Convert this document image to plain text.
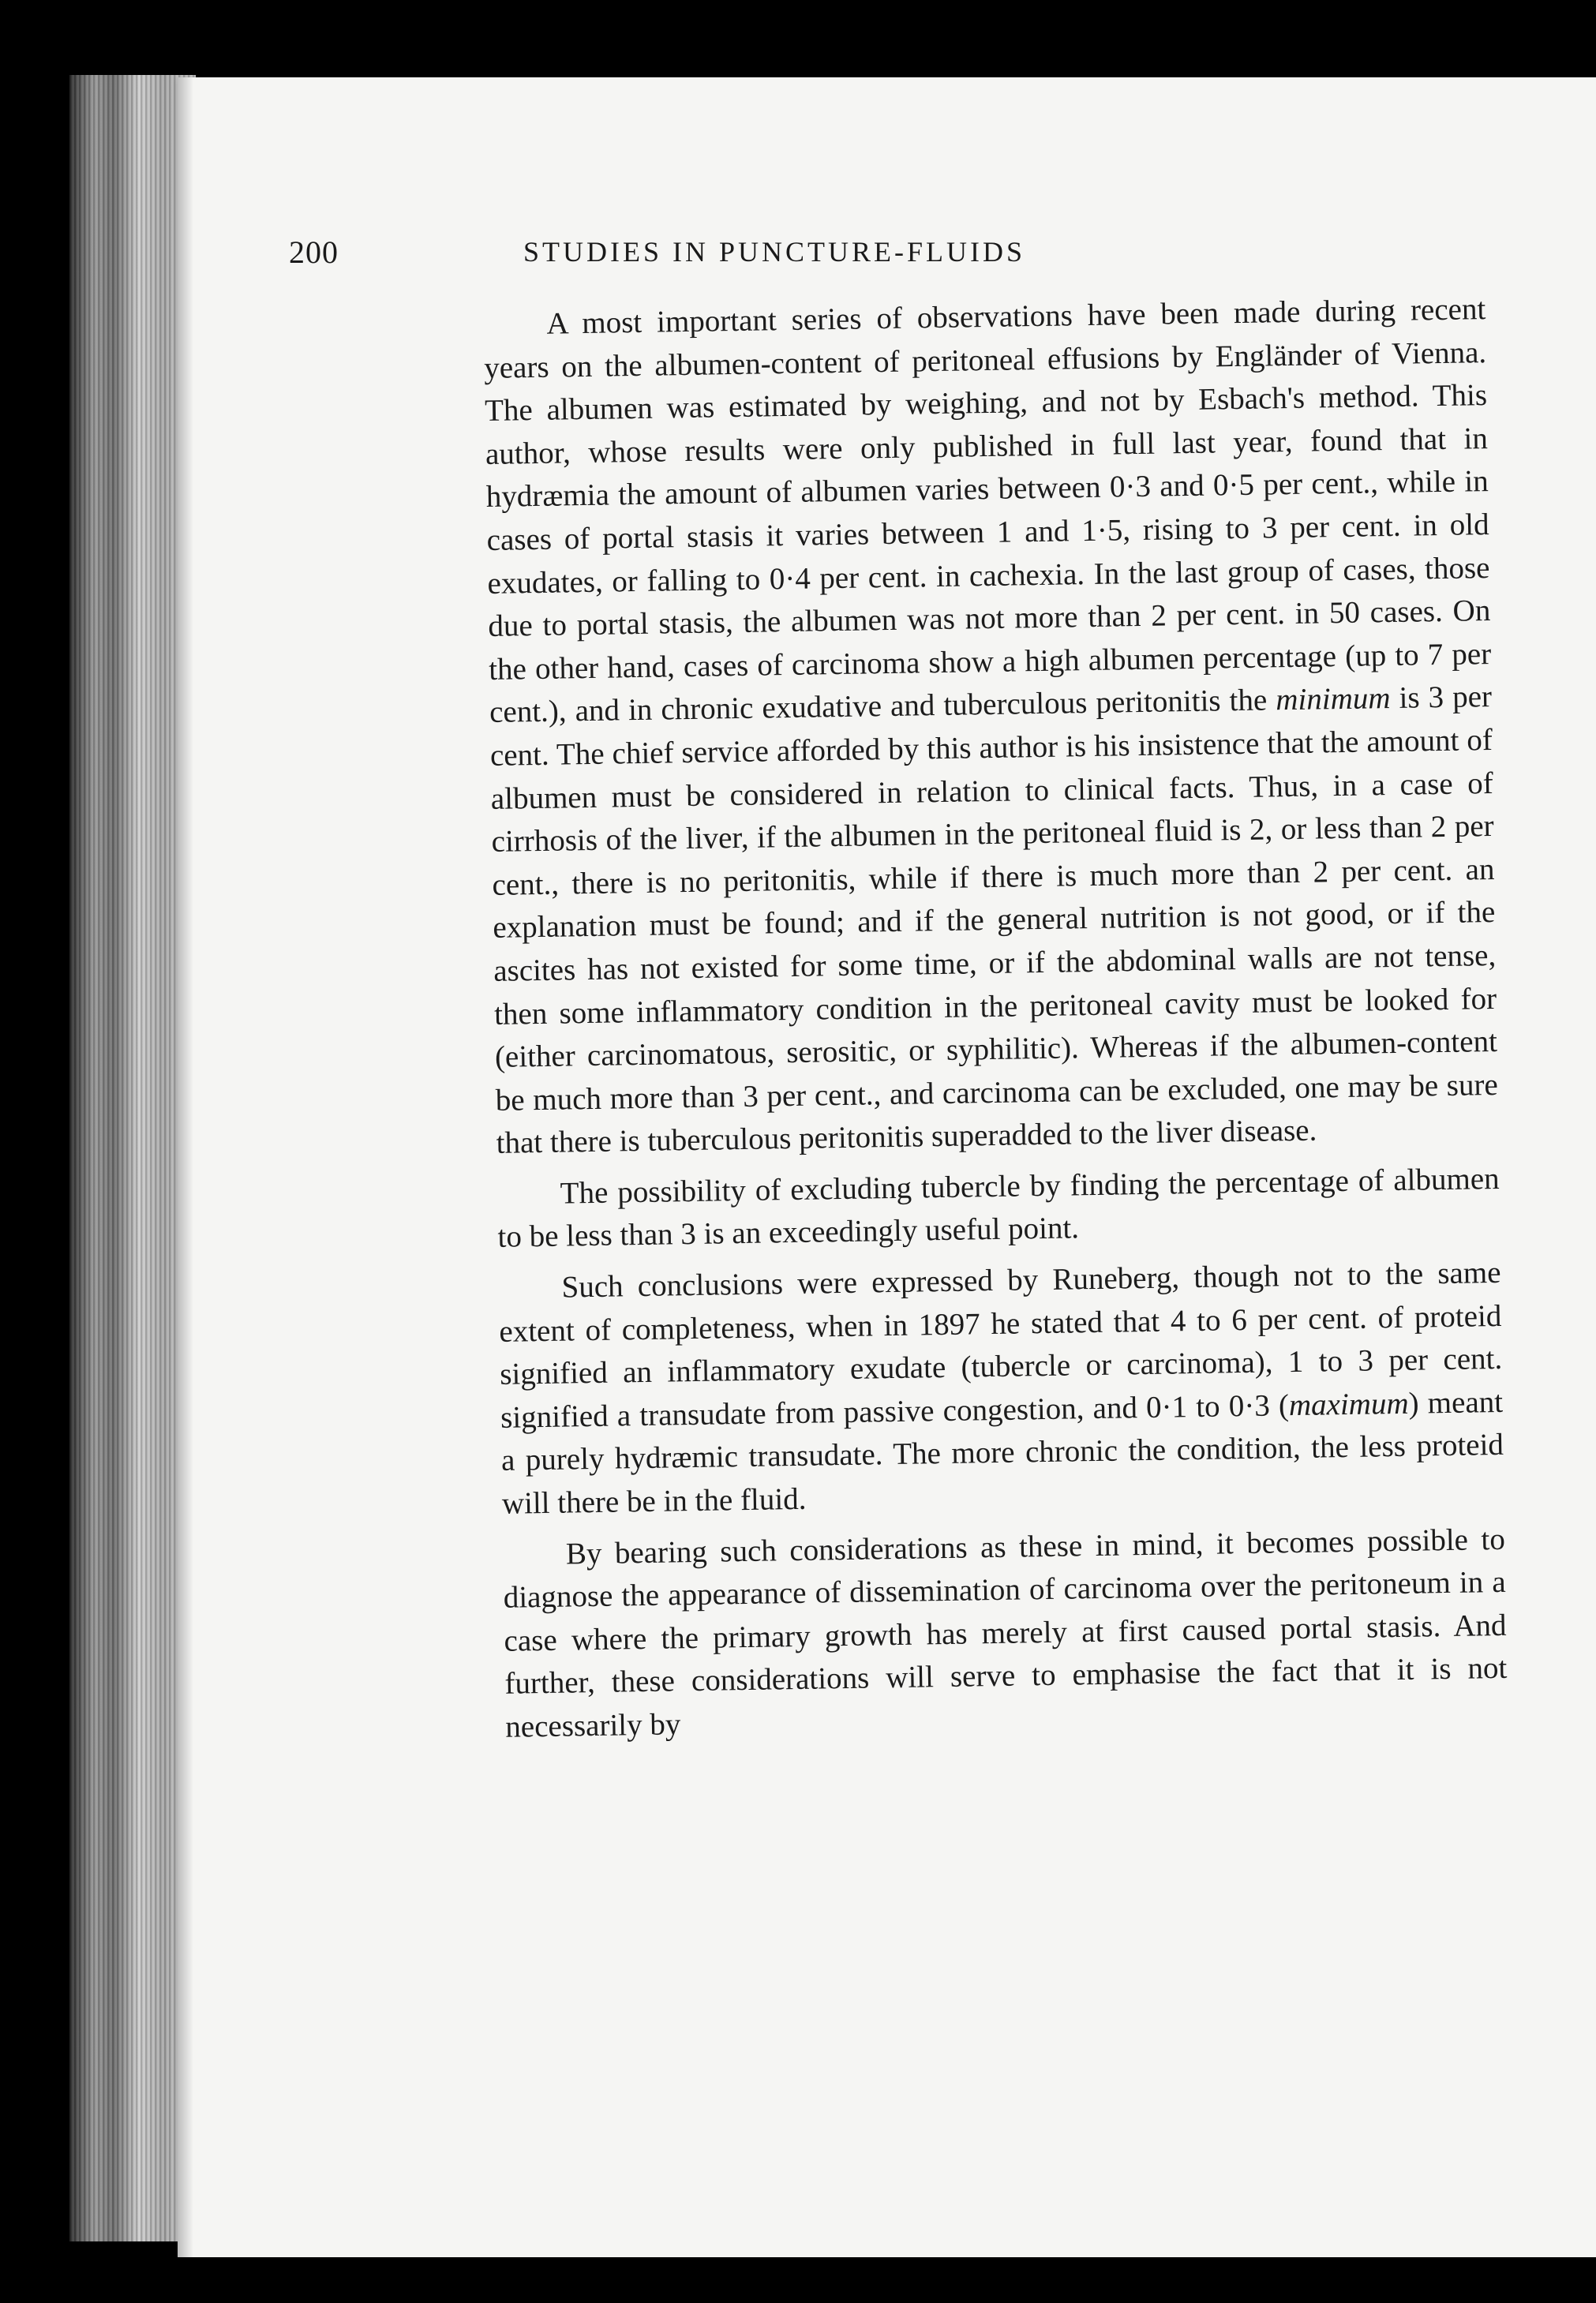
200	STUDIES IN PUNCTURE-FLUIDS

A most important series of observations have been made during recent years on the albumen-content of peritoneal effusions by Engländer of Vienna. The albumen was estimated by weighing, and not by Esbach's method. This author, whose results were only published in full last year, found that in hydræmia the amount of albumen varies between 0·3 and 0·5 per cent., while in cases of portal stasis it varies between 1 and 1·5, rising to 3 per cent. in old exudates, or falling to 0·4 per cent. in cachexia. In the last group of cases, those due to portal stasis, the albumen was not more than 2 per cent. in 50 cases. On the other hand, cases of carcinoma show a high albumen percentage (up to 7 per cent.), and in chronic exudative and tuberculous peritonitis the minimum is 3 per cent. The chief service afforded by this author is his insistence that the amount of albumen must be considered in relation to clinical facts. Thus, in a case of cirrhosis of the liver, if the albumen in the peritoneal fluid is 2, or less than 2 per cent., there is no peritonitis, while if there is much more than 2 per cent. an explanation must be found; and if the general nutrition is not good, or if the ascites has not existed for some time, or if the abdominal walls are not tense, then some inflammatory condition in the peritoneal cavity must be looked for (either carcinomatous, serositic, or syphilitic). Whereas if the albumen-content be much more than 3 per cent., and carcinoma can be excluded, one may be sure that there is tuberculous peritonitis superadded to the liver disease.

The possibility of excluding tubercle by finding the percentage of albumen to be less than 3 is an exceedingly useful point.

Such conclusions were expressed by Runeberg, though not to the same extent of completeness, when in 1897 he stated that 4 to 6 per cent. of proteid signified an inflammatory exudate (tubercle or carcinoma), 1 to 3 per cent. signified a transudate from passive congestion, and 0·1 to 0·3 (maximum) meant a purely hydræmic transudate. The more chronic the condition, the less proteid will there be in the fluid.

By bearing such considerations as these in mind, it becomes possible to diagnose the appearance of dissemination of carcinoma over the peritoneum in a case where the primary growth has merely at first caused portal stasis. And further, these considerations will serve to emphasise the fact that it is not necessarily by
